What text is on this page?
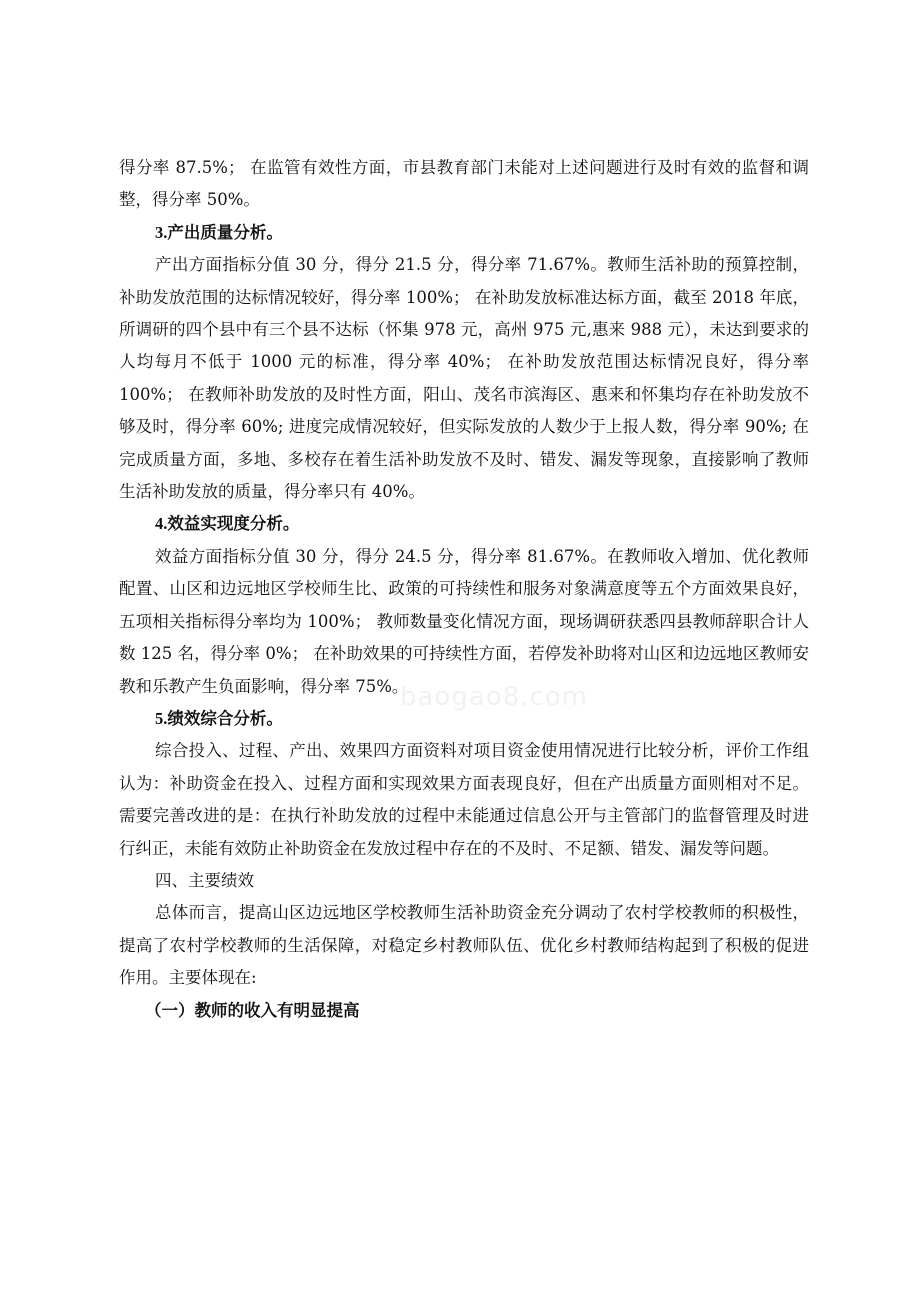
得分率 87.5%； 在监管有效性方面，市县教育部门未能对上述问题进行及时有效的监督和调整，得分率 50%。

3.产出质量分析。

产出方面指标分值 30 分，得分 21.5 分，得分率 71.67%。教师生活补助的预算控制，补助发放范围的达标情况较好，得分率 100%； 在补助发放标准达标方面，截至 2018 年底，所调研的四个县中有三个县不达标（怀集 978 元，高州 975 元,惠来 988 元），未达到要求的人均每月不低于 1000 元的标准，得分率 40%； 在补助发放范围达标情况良好，得分率 100%； 在教师补助发放的及时性方面，阳山、茂名市滨海区、惠来和怀集均存在补助发放不够及时，得分率 60%; 进度完成情况较好，但实际发放的人数少于上报人数，得分率 90%; 在完成质量方面，多地、多校存在着生活补助发放不及时、错发、漏发等现象，直接影响了教师生活补助发放的质量，得分率只有 40%。

4.效益实现度分析。

效益方面指标分值 30 分，得分 24.5 分，得分率 81.67%。在教师收入增加、优化教师配置、山区和边远地区学校师生比、政策的可持续性和服务对象满意度等五个方面效果良好，五项相关指标得分率均为 100%； 教师数量变化情况方面，现场调研获悉四县教师辞职合计人数 125 名，得分率 0%； 在补助效果的可持续性方面，若停发补助将对山区和边远地区教师安教和乐教产生负面影响，得分率 75%。

5.绩效综合分析。

综合投入、过程、产出、效果四方面资料对项目资金使用情况进行比较分析，评价工作组认为：补助资金在投入、过程方面和实现效果方面表现良好，但在产出质量方面则相对不足。需要完善改进的是：在执行补助发放的过程中未能通过信息公开与主管部门的监督管理及时进行纠正，未能有效防止补助资金在发放过程中存在的不及时、不足额、错发、漏发等问题。

四、主要绩效

总体而言，提高山区边远地区学校教师生活补助资金充分调动了农村学校教师的积极性，提高了农村学校教师的生活保障，对稳定乡村教师队伍、优化乡村教师结构起到了积极的促进作用。主要体现在:

（一）教师的收入有明显提高

baogao8.com
